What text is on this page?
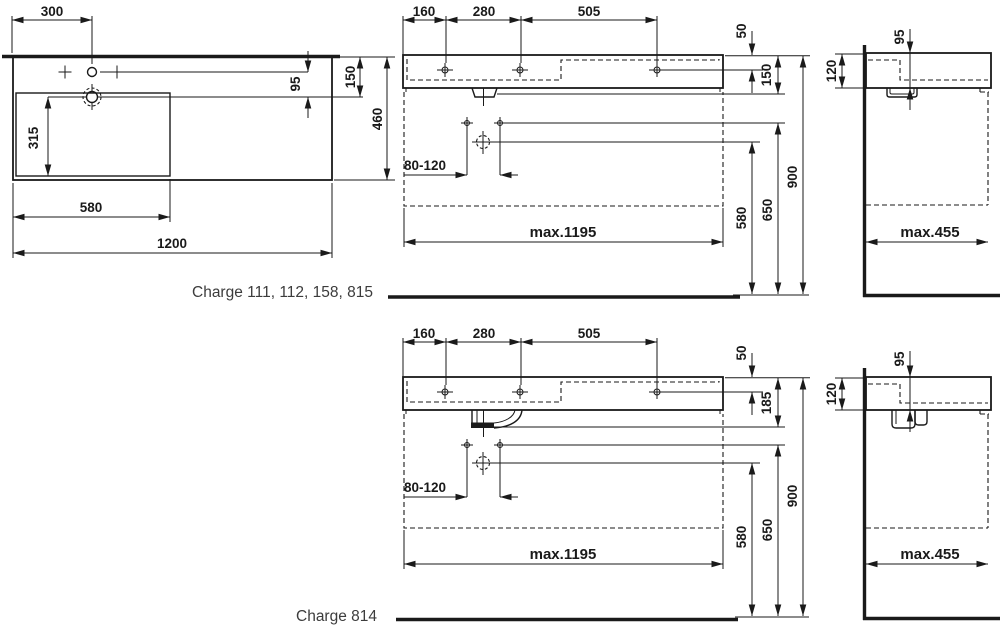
300
315
95	150
460
580
1200
160	280	505
80-120
max.1195
50
150
580 650
900
95
120
max.455
Charge 111, 112, 158, 815
160	280	505
80-120
max.1195
50
185
580 650
900
95
120
max.455
Charge 814
